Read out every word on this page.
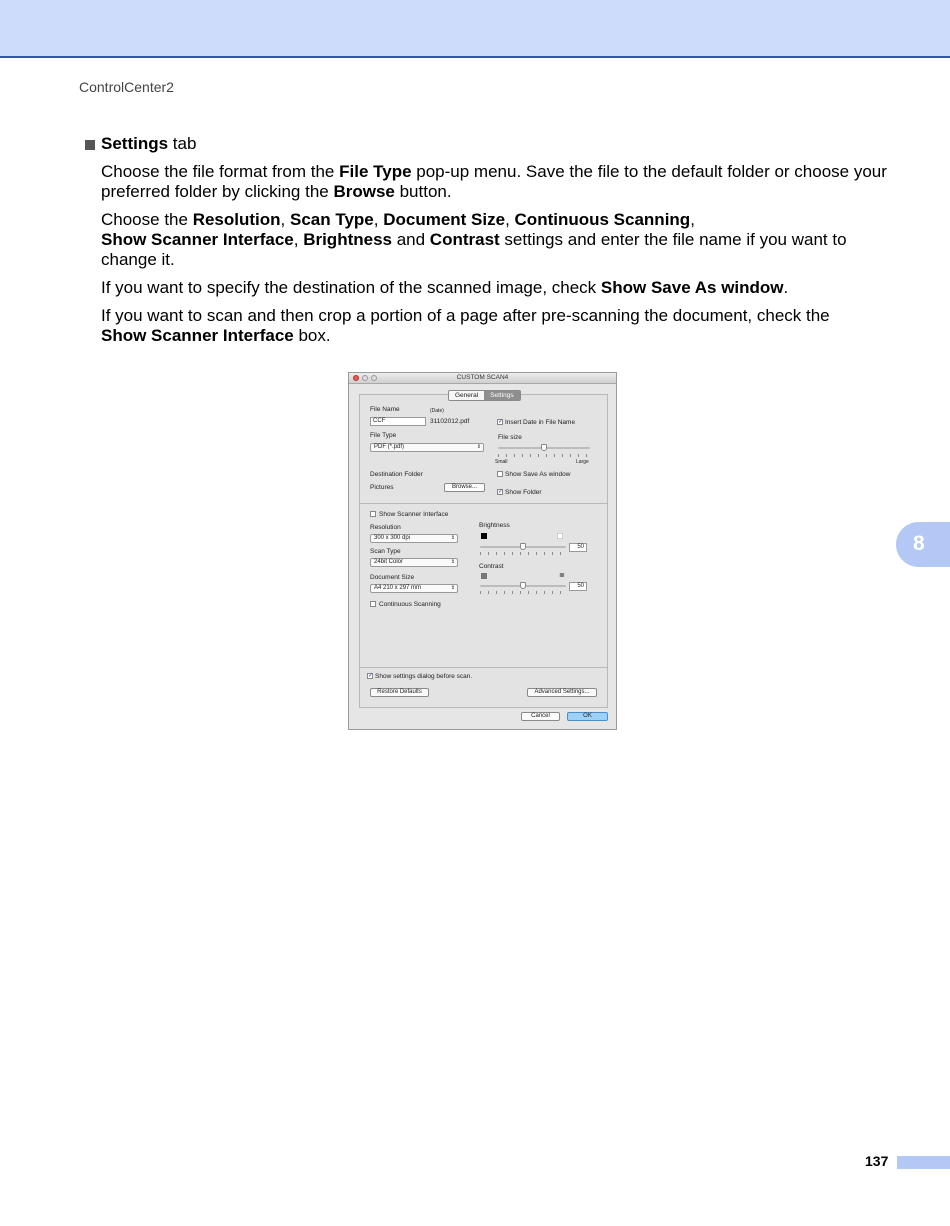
ControlCenter2
8

Settings tab

Choose the file format from the File Type pop-up menu. Save the file to the default folder or choose your preferred folder by clicking the Browse button.

Choose the Resolution, Scan Type, Document Size, Continuous Scanning,
Show Scanner Interface, Brightness and Contrast settings and enter the file name if you want to change it.

If you want to specify the destination of the scanned image, check Show Save As window.

If you want to scan and then crop a portion of a page after pre-scanning the document, check the
Show Scanner Interface box.

CUSTOM SCAN4
General	Settings
File Name	(Date)
CCF	31102012.pdf	✓ Insert Date in File Name
File Type	File size
PDF (*.pdf)	⇕
Small	Large
Destination Folder	Show Save As window
Pictures	Browse...
✓ Show Folder
Show Scanner Interface
Resolution	Brightness
300 x 300 dpi	⇕
50
Scan Type
24bit Color	⇕
Contrast
≣
Document Size
50
A4 210 x 297 mm	⇕
Continuous Scanning
✓ Show settings dialog before scan.
Restore Defaults	Advanced Settings...
Cancel	OK
137
